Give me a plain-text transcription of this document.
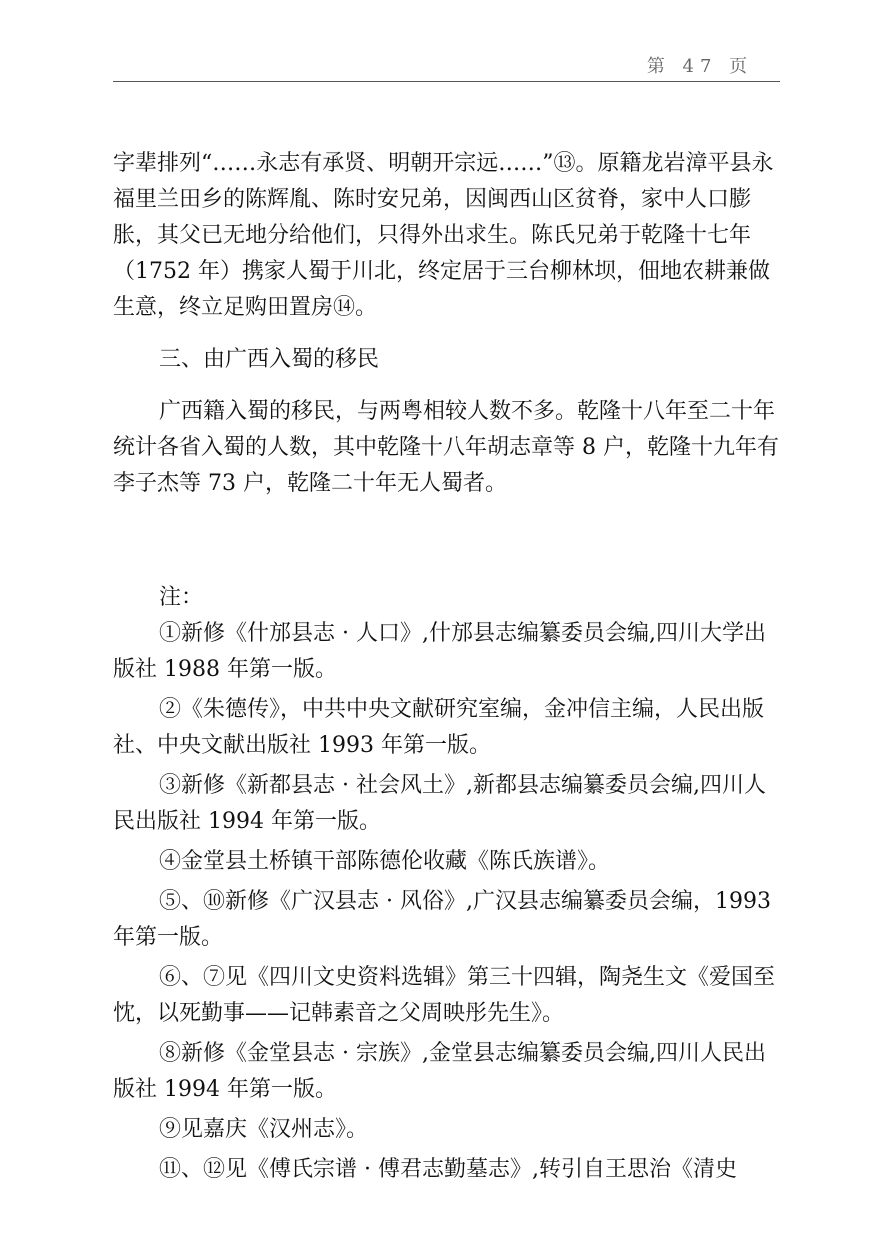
第 47 页

字辈排列“……永志有承贤、明朝开宗远……”⑬。原籍龙岩漳平县永福里兰田乡的陈辉胤、陈时安兄弟，因闽西山区贫脊，家中人口膨胀，其父已无地分给他们，只得外出求生。陈氏兄弟于乾隆十七年（1752 年）携家人蜀于川北，终定居于三台柳林坝，佃地农耕兼做生意，终立足购田置房⑭。

三、由广西入蜀的移民

广西籍入蜀的移民，与两粤相较人数不多。乾隆十八年至二十年统计各省入蜀的人数，其中乾隆十八年胡志章等 8 户，乾隆十九年有李子杰等 73 户，乾隆二十年无人蜀者。

注：

①新修《什邡县志 · 人口》,什邡县志编纂委员会编,四川大学出版社 1988 年第一版。

②《朱德传》，中共中央文献研究室编，金冲信主编，人民出版社、中央文献出版社 1993 年第一版。

③新修《新都县志 · 社会风土》,新都县志编纂委员会编,四川人民出版社 1994 年第一版。

④金堂县土桥镇干部陈德伦收藏《陈氏族谱》。

⑤、⑩新修《广汉县志 · 风俗》,广汉县志编纂委员会编，1993 年第一版。

⑥、⑦见《四川文史资料选辑》第三十四辑，陶尧生文《爱国至忱，以死勤事——记韩素音之父周映彤先生》。

⑧新修《金堂县志 · 宗族》,金堂县志编纂委员会编,四川人民出版社 1994 年第一版。

⑨见嘉庆《汉州志》。

⑪、⑫见《傅氏宗谱 · 傅君志勤墓志》,转引自王思治《清史
